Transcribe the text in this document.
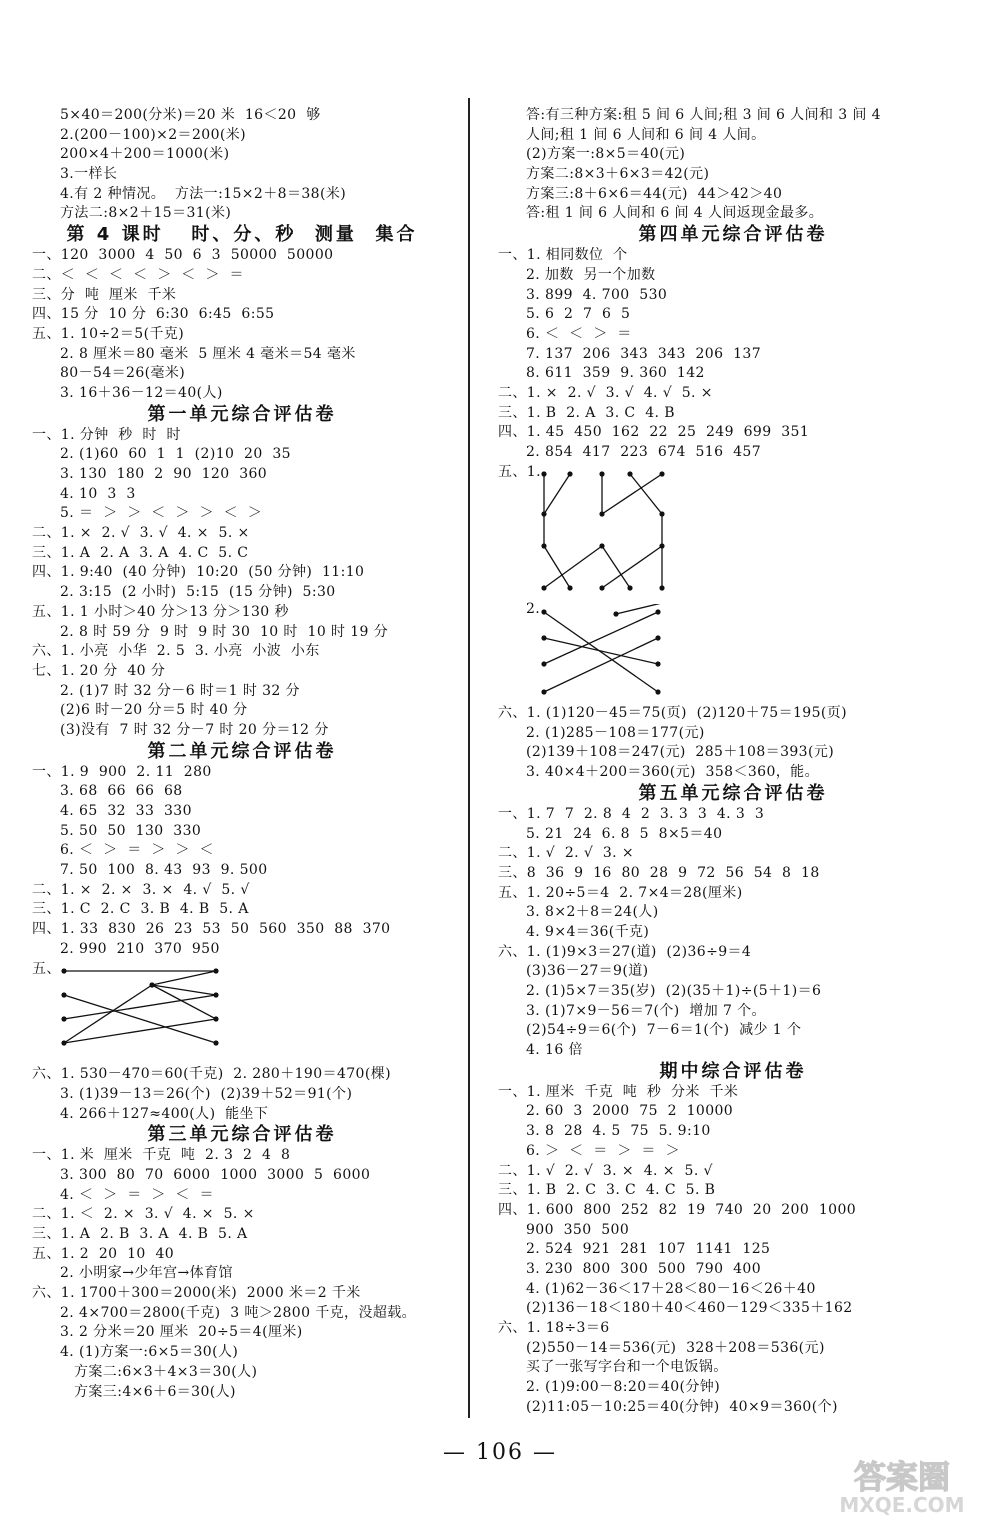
5×40＝200(分米)＝20 米  16＜20  够
2.(200－100)×2＝200(米)
200×4＋200＝1000(米)
3.一样长
4.有 2 种情况。  方法一:15×2＋8＝38(米)
方法二:8×2＋15＝31(米)
第 4 课时   时、分、秒  测量  集合
一、120  3000  4  50  6  3  50000  50000
二、＜  ＜  ＜  ＜  ＞  ＜  ＞  ＝
三、分  吨  厘米  千米
四、15 分  10 分  6:30  6:45  6:55
五、1. 10÷2＝5(千克)
2. 8 厘米＝80 毫米  5 厘米 4 毫米＝54 毫米
80－54＝26(毫米)
3. 16＋36－12＝40(人)
第一单元综合评估卷
一、1. 分钟  秒  时  时
2. (1)60  60  1  1  (2)10  20  35
3. 130  180  2  90  120  360
4. 10  3  3
5. ＝  ＞  ＞  ＜  ＞  ＞  ＜  ＞
二、1. ×  2. √  3. √  4. ×  5. ×
三、1. A  2. A  3. A  4. C  5. C
四、1. 9:40  (40 分钟)  10:20  (50 分钟)  11:10
2. 3:15  (2 小时)  5:15  (15 分钟)  5:30
五、1. 1 小时＞40 分＞13 分＞130 秒
2. 8 时 59 分  9 时  9 时 30  10 时  10 时 19 分
六、1. 小亮  小华  2. 5  3. 小亮  小波  小东
七、1. 20 分  40 分
2. (1)7 时 32 分－6 时＝1 时 32 分
(2)6 时－20 分＝5 时 40 分
(3)没有  7 时 32 分－7 时 20 分＝12 分
第二单元综合评估卷
一、1. 9  900  2. 11  280
3. 68  66  66  68
4. 65  32  33  330
5. 50  50  130  330
6. ＜  ＞  ＝  ＞  ＞  ＜
7. 50  100  8. 43  93  9. 500
二、1. ×  2. ×  3. ×  4. √  5. √
三、1. C  2. C  3. B  4. B  5. A
四、1. 33  830  26  23  53  50  560  350  88  370
2. 990  210  370  950
五、
六、1. 530－470＝60(千克)  2. 280＋190＝470(棵)
3. (1)39－13＝26(个)  (2)39＋52＝91(个)
4. 266＋127≈400(人)  能坐下
第三单元综合评估卷
一、1. 米  厘米  千克  吨  2. 3  2  4  8
3. 300  80  70  6000  1000  3000  5  6000
4. ＜  ＞  ＝  ＞  ＜  ＝
二、1. ＜  2. ×  3. √  4. ×  5. ×
三、1. A  2. B  3. A  4. B  5. A
五、1. 2  20  10  40
2. 小明家→少年宫→体育馆
六、1. 1700＋300＝2000(米)  2000 米＝2 千米
2. 4×700＝2800(千克)  3 吨＞2800 千克，没超载。
3. 2 分米＝20 厘米  20÷5＝4(厘米)
4. (1)方案一:6×5＝30(人)
方案二:6×3＋4×3＝30(人)
方案三:4×6＋6＝30(人)
答:有三种方案:租 5 间 6 人间;租 3 间 6 人间和 3 间 4
人间;租 1 间 6 人间和 6 间 4 人间。
(2)方案一:8×5＝40(元)
方案二:8×3＋6×3＝42(元)
方案三:8＋6×6＝44(元)  44＞42＞40
答:租 1 间 6 人间和 6 间 4 人间返现金最多。
第四单元综合评估卷
一、1. 相同数位  个
2. 加数  另一个加数
3. 899  4. 700  530
5. 6  2  7  6  5
6. ＜  ＜  ＞  ＝
7. 137  206  343  343  206  137
8. 611  359  9. 360  142
二、1. ×  2. √  3. √  4. √  5. ×
三、1. B  2. A  3. C  4. B
四、1. 45  450  162  22  25  249  699  351
2. 854  417  223  674  516  457
五、1.
2.
六、1. (1)120－45＝75(页)  (2)120＋75＝195(页)
2. (1)285－108＝177(元)
(2)139＋108＝247(元)  285＋108＝393(元)
3. 40×4＋200＝360(元)  358＜360，能。
第五单元综合评估卷
一、1. 7  7  2. 8  4  2  3. 3  3  4. 3  3
5. 21  24  6. 8  5  8×5＝40
二、1. √  2. √  3. ×
三、8  36  9  16  80  28  9  72  56  54  8  18
五、1. 20÷5＝4  2. 7×4＝28(厘米)
3. 8×2＋8＝24(人)
4. 9×4＝36(千克)
六、1. (1)9×3＝27(道)  (2)36÷9＝4
(3)36－27＝9(道)
2. (1)5×7＝35(岁)  (2)(35＋1)÷(5＋1)＝6
3. (1)7×9－56＝7(个)  增加 7 个。
(2)54÷9＝6(个)  7－6＝1(个)  减少 1 个
4. 16 倍
期中综合评估卷
一、1. 厘米  千克  吨  秒  分米  千米
2. 60  3  2000  75  2  10000
3. 8  28  4. 5  75  5. 9:10
6. ＞  ＜  ＝  ＞  ＝  ＞
二、1. √  2. √  3. ×  4. ×  5. √
三、1. B  2. C  3. C  4. C  5. B
四、1. 600  800  252  82  19  740  20  200  1000
900  350  500
2. 524  921  281  107  1141  125
3. 230  800  300  500  790  400
4. (1)62－36＜17＋28＜80－16＜26＋40
(2)136－18＜180＋40＜460－129＜335＋162
六、1. 18÷3＝6
(2)550－14＝536(元)  328＋208＝536(元)
买了一张写字台和一个电饭锅。
2. (1)9:00－8:20＝40(分钟)
(2)11:05－10:25＝40(分钟)  40×9＝360(个)
— 106 —
答案圈
MXQE.COM
